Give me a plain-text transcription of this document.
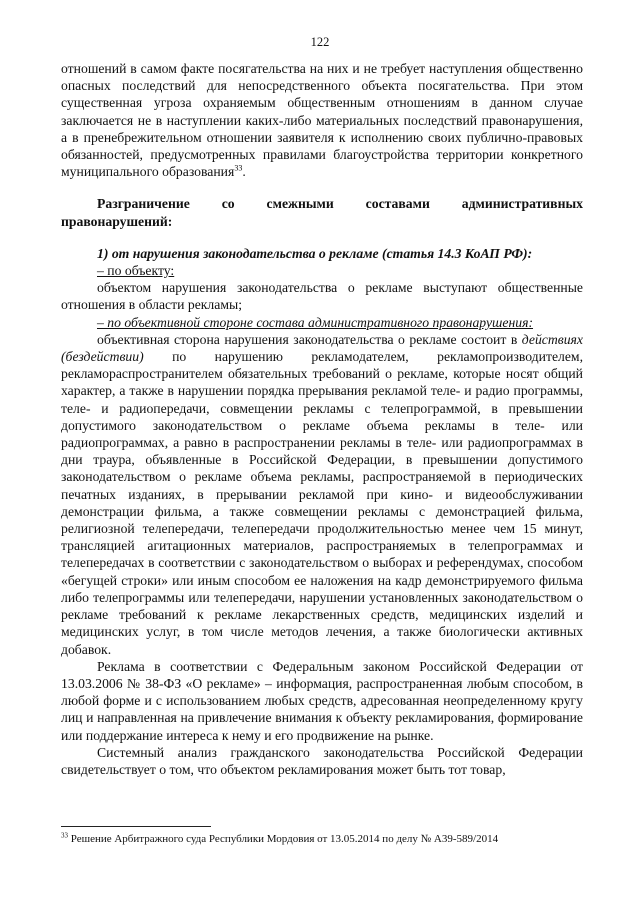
122

отношений в самом факте посягательства на них и не требует наступления общественно опасных последствий для непосредственного объекта посягательства. При этом существенная угроза охраняемым общественным отношениям в данном случае заключается не в наступлении каких-либо материальных последствий правонарушения, а в пренебрежительном отношении заявителя к исполнению своих публично-правовых обязанностей, предусмотренных правилами благоустройства территории конкретного муниципального образования$^{33}$.

Разграничение со смежными составами административных

правонарушений:

1) от нарушения законодательства о рекламе (статья 14.3 КоАП РФ):

– по объекту:

объектом нарушения законодательства о рекламе выступают общественные отношения в области рекламы;

– по объективной стороне состава административного правонарушения:

объективная сторона нарушения законодательства о рекламе состоит в действиях (бездействии) по нарушению рекламодателем, рекламопроизводителем, рекламораспространителем обязательных требований о рекламе, которые носят общий характер, а также в нарушении порядка прерывания рекламой теле- и радио программы, теле- и радиопередачи, совмещении рекламы с телепрограммой, в превышении допустимого законодательством о рекламе объема рекламы в теле- или радиопрограммах, а равно в распространении рекламы в теле- или радиопрограммах в дни траура, объявленные в Российской Федерации, в превышении допустимого законодательством о рекламе объема рекламы, распространяемой в периодических печатных изданиях, в прерывании рекламой при кино- и видеообслуживании демонстрации фильма, а также совмещении рекламы с демонстрацией фильма, религиозной телепередачи, телепередачи продолжительностью менее чем 15 минут, трансляцией агитационных материалов, распространяемых в телепрограммах и телепередачах в соответствии с законодательством о выборах и референдумах, способом «бегущей строки» или иным способом ее наложения на кадр демонстрируемого фильма либо телепрограммы или телепередачи, нарушении установленных законодательством о рекламе требований к рекламе лекарственных средств, медицинских изделий и медицинских услуг, в том числе методов лечения, а также биологически активных добавок.

Реклама в соответствии с Федеральным законом Российской Федерации от 13.03.2006 № 38-ФЗ «О рекламе» – информация, распространенная любым способом, в любой форме и с использованием любых средств, адресованная неопределенному кругу лиц и направленная на привлечение внимания к объекту рекламирования, формирование или поддержание интереса к нему и его продвижение на рынке.

Системный анализ гражданского законодательства Российской Федерации свидетельствует о том, что объектом рекламирования может быть тот товар,

$^{33}$ Решение Арбитражного суда Республики Мордовия от 13.05.2014 по делу № А39-589/2014
